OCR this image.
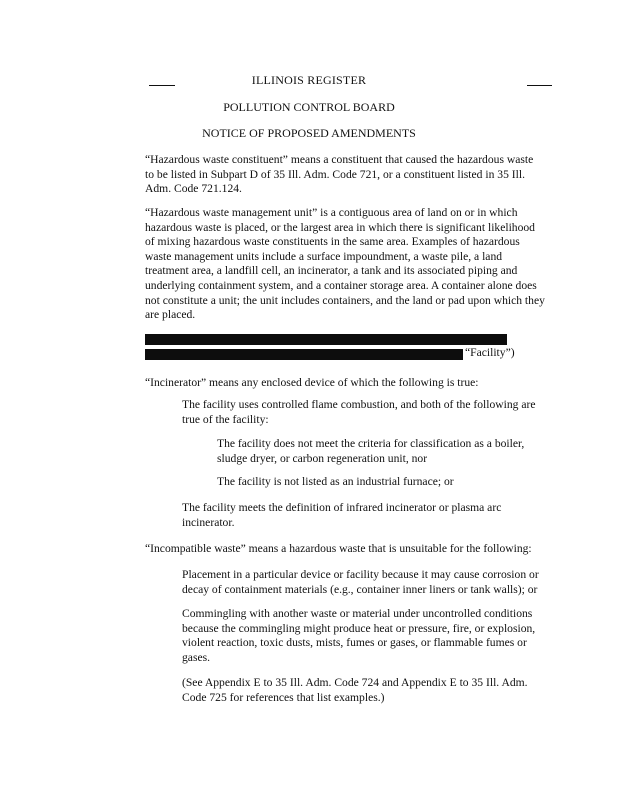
ILLINOIS REGISTER
POLLUTION CONTROL BOARD
NOTICE OF PROPOSED AMENDMENTS

“Hazardous waste constituent” means a constituent that caused the hazardous waste to be listed in Subpart D of 35 Ill. Adm. Code 721, or a constituent listed in 35 Ill. Adm. Code 721.124.

“Hazardous waste management unit” is a contiguous area of land on or in which hazardous waste is placed, or the largest area in which there is significant likelihood of mixing hazardous waste constituents in the same area. Examples of hazardous waste management units include a surface impoundment, a waste pile, a land treatment area, a landfill cell, an incinerator, a tank and its associated piping and underlying containment system, and a container storage area. A container alone does not constitute a unit; the unit includes containers, and the land or pad upon which they are placed.

“Facility”)

“Incinerator” means any enclosed device of which the following is true:

The facility uses controlled flame combustion, and both of the following are true of the facility:

The facility does not meet the criteria for classification as a boiler, sludge dryer, or carbon regeneration unit, nor

The facility is not listed as an industrial furnace; or

The facility meets the definition of infrared incinerator or plasma arc incinerator.

“Incompatible waste” means a hazardous waste that is unsuitable for the following:

Placement in a particular device or facility because it may cause corrosion or decay of containment materials (e.g., container inner liners or tank walls); or

Commingling with another waste or material under uncontrolled conditions because the commingling might produce heat or pressure, fire, or explosion, violent reaction, toxic dusts, mists, fumes or gases, or flammable fumes or gases.

(See Appendix E to 35 Ill. Adm. Code 724 and Appendix E to 35 Ill. Adm. Code 725 for references that list examples.)
